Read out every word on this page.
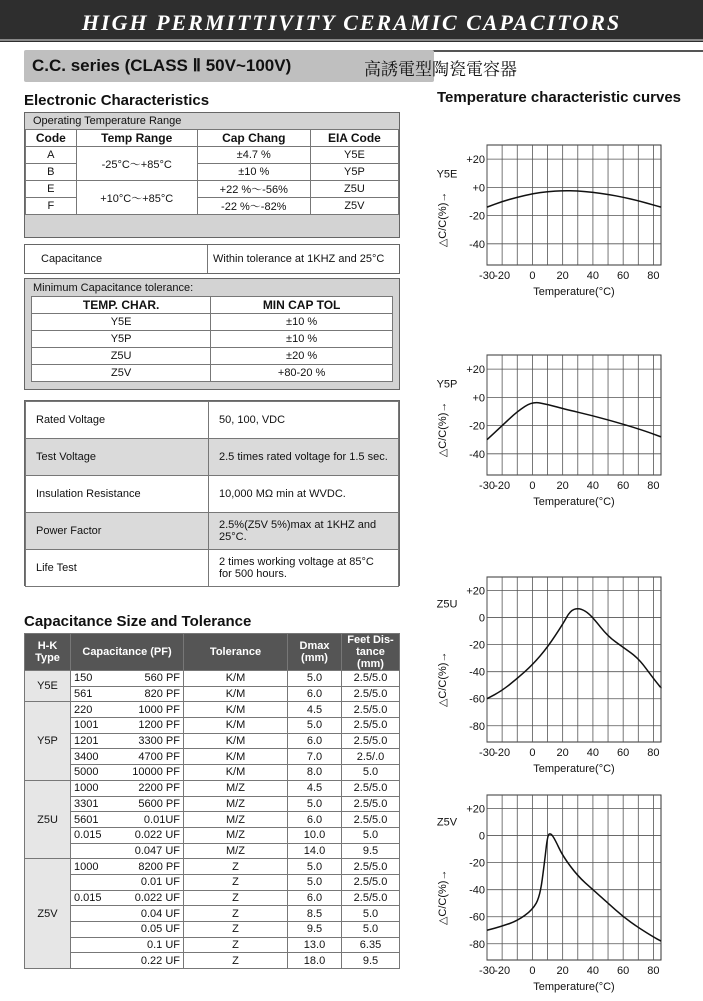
HIGH PERMITTIVITY CERAMIC CAPACITORS
C.C. series (CLASS Ⅱ 50V~100V)	高誘電型陶瓷電容器
Electronic Characteristics
Operating Temperature Range
Code	Temp Range	Cap Chang	EIA Code
A	-25°C～+85°C	±4.7 %	Y5E
B		±10 %	Y5P
E	+10°C～+85°C	+22 %～-56%	Z5U
F		-22 %～-82%	Z5V
Capacitance	Within tolerance at 1KHZ and 25°C
Minimum Capacitance tolerance:
TEMP. CHAR.	MIN CAP TOL
Y5E	±10 %
Y5P	±10 %
Z5U	±20 %
Z5V	+80-20 %
Rated Voltage	50, 100, VDC
Test Voltage	2.5 times rated voltage for 1.5 sec.
Insulation Resistance	10,000 MΩ min at WVDC.
Power Factor	2.5%(Z5V 5%)max at 1KHZ and 25°C.
Life Test	2 times working voltage at 85°C for 500 hours.
Capacitance Size and Tolerance
H-K Type	Capacitance (PF)		Tolerance	Dmax (mm)	Feet Dis-tance (mm)
Y5E	150	560 PF	K/M	5.0	2.5/5.0
	561	820 PF	K/M	6.0	2.5/5.0
Y5P	220	1000 PF	K/M	4.5	2.5/5.0
	1001	1200 PF	K/M	5.0	2.5/5.0
	1201	3300 PF	K/M	6.0	2.5/5.0
	3400	4700 PF	K/M	7.0	2.5/.0
	5000	10000 PF	K/M	8.0	5.0
Z5U	1000	2200 PF	M/Z	4.5	2.5/5.0
	3301	5600 PF	M/Z	5.0	2.5/5.0
	5601	0.01UF	M/Z	6.0	2.5/5.0
	0.015	0.022 UF	M/Z	10.0	5.0
		0.047 UF	M/Z	14.0	9.5
Z5V	1000	8200 PF	Z	5.0	2.5/5.0
		0.01 UF	Z	5.0	2.5/5.0
	0.015	0.022 UF	Z	6.0	2.5/5.0
		0.04 UF	Z	8.5	5.0
		0.05 UF	Z	9.5	5.0
		0.1 UF	Z	13.0	6.35
		0.22 UF	Z	18.0	9.5
Temperature characteristic curves
+20
+0
-20
-40
-30 -20 0 20 40 60 80
Y5E
△C/C(%)→
Temperature(°C)
+20
+0
-20
-40
-30 -20 0 20 40 60 80
Y5P
△C/C(%)→
Temperature(°C)
+20
0
-20
-40
-60
-80
-30 -20 0 20 40 60 80
Z5U
△C/C(%)→
Temperature(°C)
+20
0
-20
-40
-60
-80
-30 -20 0 20 40 60 80
Z5V
△C/C(%)→
Temperature(°C)
